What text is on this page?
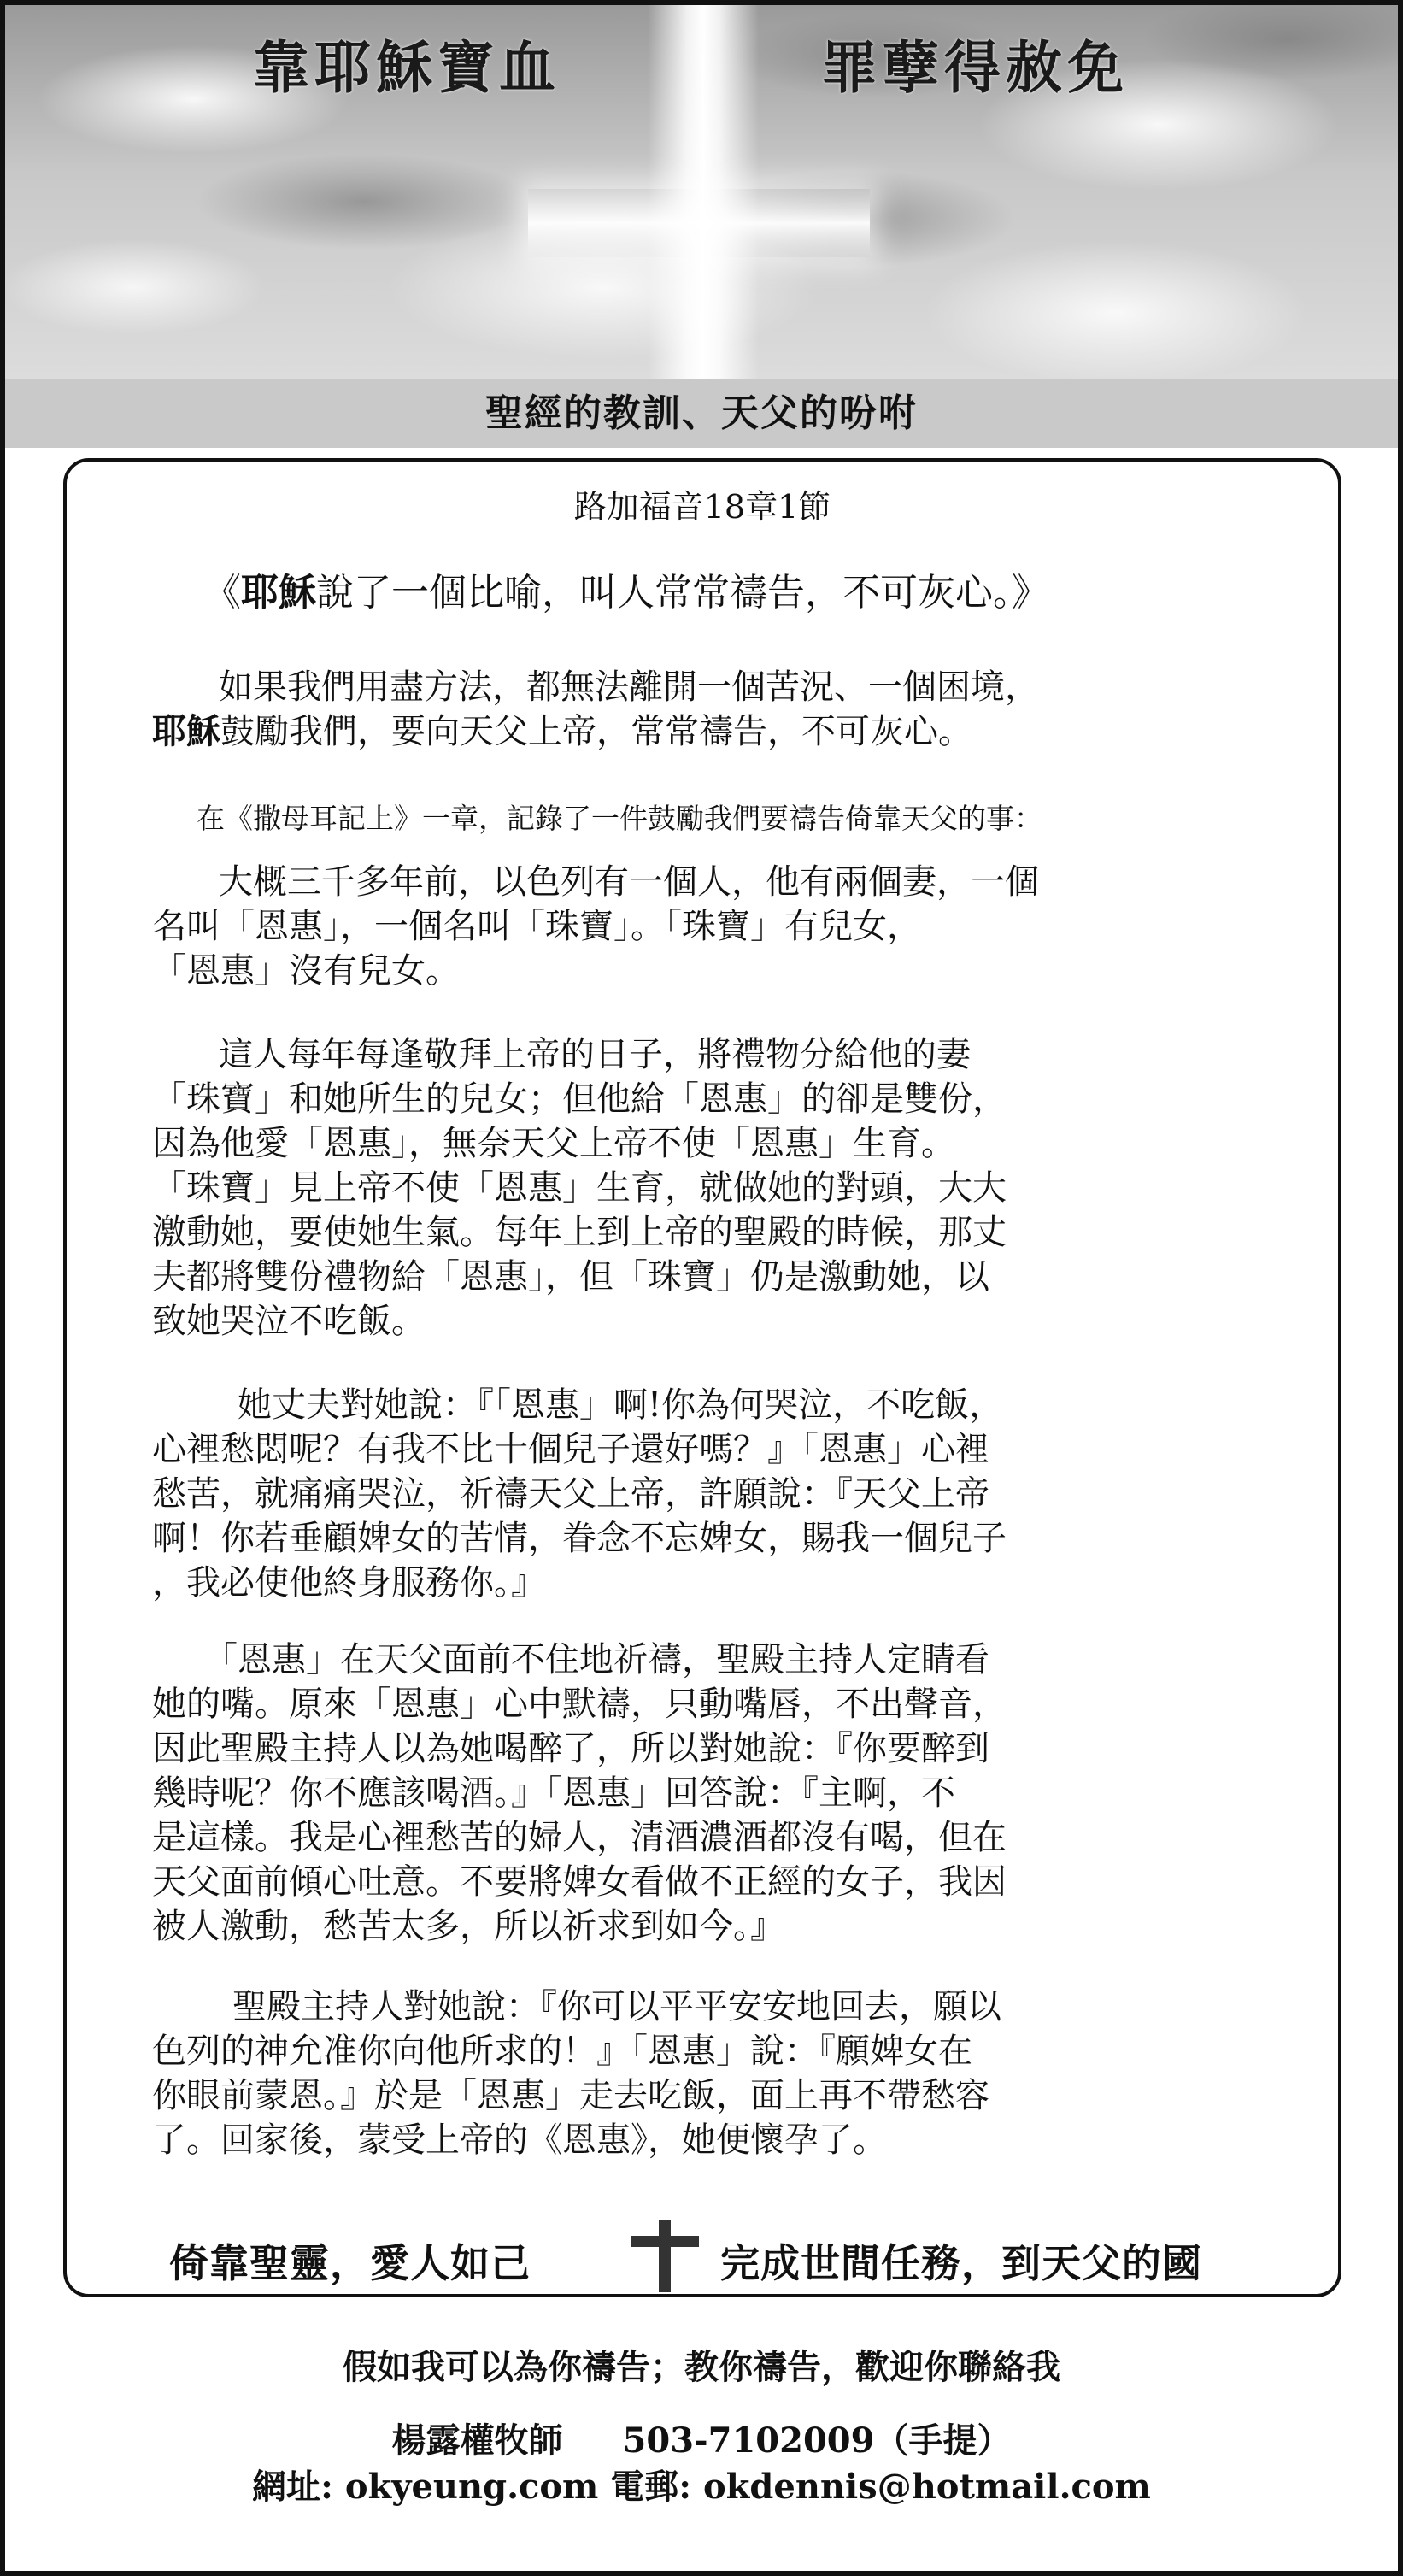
靠耶穌寶血	罪孽得赦免
聖經的教訓、天父的吩咐
路加福音18章1節
《耶穌說了一個比喻，叫人常常禱告，不可灰心。》

如果我們用盡方法，都無法離開一個苦況、一個困境，

耶穌鼓勵我們，要向天父上帝，常常禱告，不可灰心。

在《撒母耳記上》一章，記錄了一件鼓勵我們要禱告倚靠天父的事：

大概三千多年前，以色列有一個人，他有兩個妻，一個

名叫「恩惠」，一個名叫「珠寶」。「珠寶」有兒女，

「恩惠」沒有兒女。

這人每年每逢敬拜上帝的日子，將禮物分給他的妻

「珠寶」和她所生的兒女；但他給「恩惠」的卻是雙份，

因為他愛「恩惠」，無奈天父上帝不使「恩惠」生育。

「珠寶」見上帝不使「恩惠」生育，就做她的對頭，大大

激動她，要使她生氣。每年上到上帝的聖殿的時候，那丈

夫都將雙份禮物給「恩惠」，但「珠寶」仍是激動她，以

致她哭泣不吃飯。

她丈夫對她說：『「恩惠」啊!你為何哭泣，不吃飯，

心裡愁悶呢？有我不比十個兒子還好嗎？』「恩惠」心裡

愁苦，就痛痛哭泣，祈禱天父上帝，許願說：『天父上帝

啊！你若垂顧婢女的苦情，眷念不忘婢女，賜我一個兒子

，我必使他終身服務你。』

「恩惠」在天父面前不住地祈禱，聖殿主持人定睛看

她的嘴。原來「恩惠」心中默禱，只動嘴唇，不出聲音，

因此聖殿主持人以為她喝醉了，所以對她說：『你要醉到

幾時呢？你不應該喝酒。』「恩惠」回答說：『主啊，不

是這樣。我是心裡愁苦的婦人，清酒濃酒都沒有喝，但在

天父面前傾心吐意。不要將婢女看做不正經的女子，我因

被人激動，愁苦太多，所以祈求到如今。』

聖殿主持人對她說：『你可以平平安安地回去，願以

色列的神允准你向他所求的！』「恩惠」說：『願婢女在

你眼前蒙恩。』於是「恩惠」走去吃飯，面上再不帶愁容

了。回家後，蒙受上帝的《恩惠》，她便懷孕了。

倚靠聖靈，愛人如己	完成世間任務，到天父的國
假如我可以為你禱告；教你禱告，歡迎你聯絡我
楊露權牧師 503-7102009（手提）
網址: okyeung.com 電郵: okdennis@hotmail.com
